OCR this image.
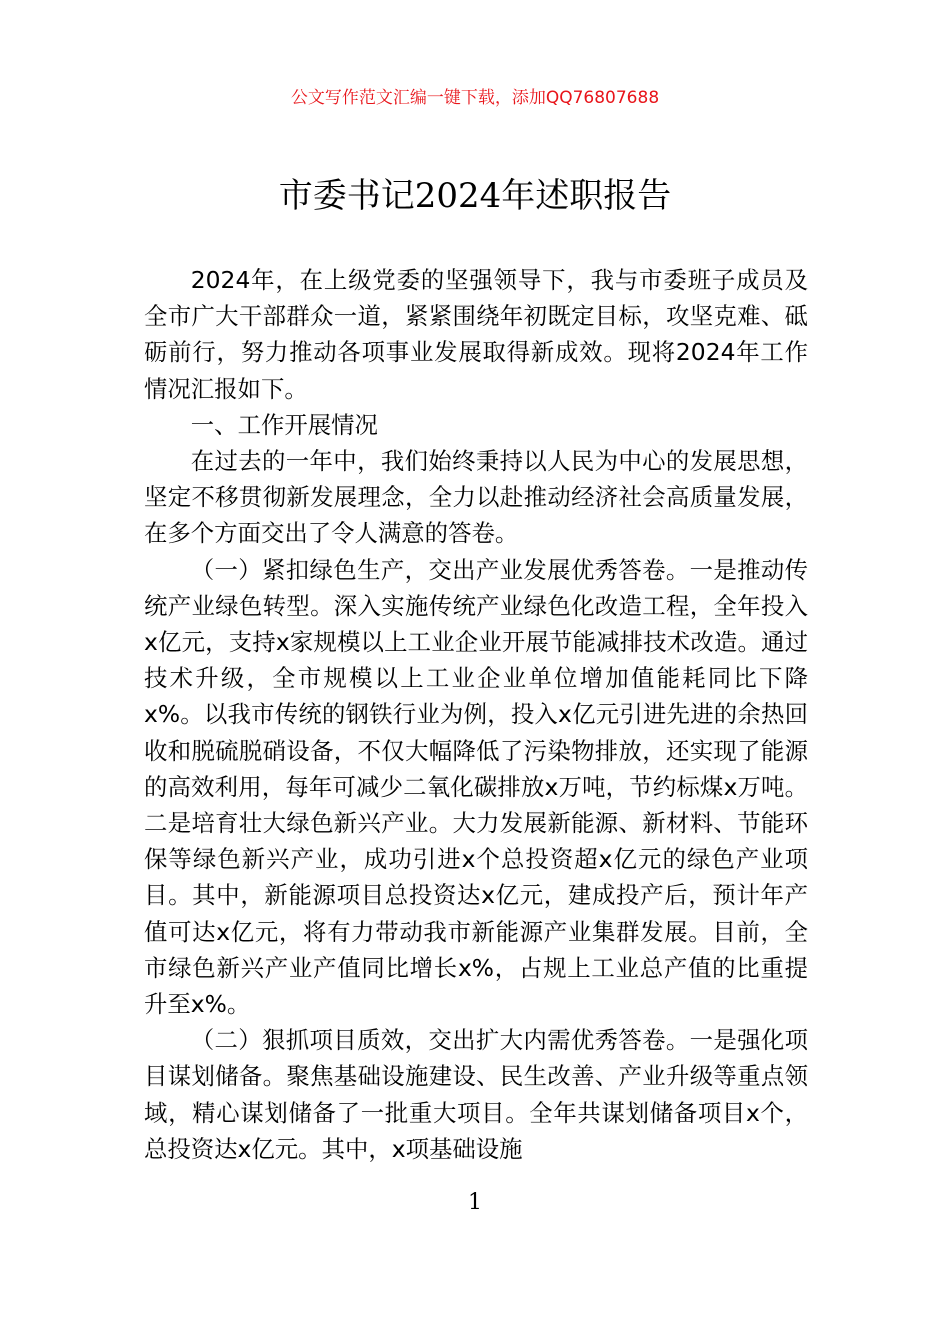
公文写作范文汇编一键下载，添加QQ76807688
市委书记2024年述职报告

2024年，在上级党委的坚强领导下，我与市委班子成员及全市广大干部群众一道，紧紧围绕年初既定目标，攻坚克难、砥砺前行，努力推动各项事业发展取得新成效。现将2024年工作情况汇报如下。

一、工作开展情况

在过去的一年中，我们始终秉持以人民为中心的发展思想，坚定不移贯彻新发展理念，全力以赴推动经济社会高质量发展，在多个方面交出了令人满意的答卷。

（一）紧扣绿色生产，交出产业发展优秀答卷。一是推动传统产业绿色转型。深入实施传统产业绿色化改造工程，全年投入x亿元，支持x家规模以上工业企业开展节能减排技术改造。通过技术升级，全市规模以上工业企业单位增加值能耗同比下降x%。以我市传统的钢铁行业为例，投入x亿元引进先进的余热回收和脱硫脱硝设备，不仅大幅降低了污染物排放，还实现了能源的高效利用，每年可减少二氧化碳排放x万吨，节约标煤x万吨。二是培育壮大绿色新兴产业。大力发展新能源、新材料、节能环保等绿色新兴产业，成功引进x个总投资超x亿元的绿色产业项目。其中，新能源项目总投资达x亿元，建成投产后，预计年产值可达x亿元，将有力带动我市新能源产业集群发展。目前，全市绿色新兴产业产值同比增长x%，占规上工业总产值的比重提升至x%。

（二）狠抓项目质效，交出扩大内需优秀答卷。一是强化项目谋划储备。聚焦基础设施建设、民生改善、产业升级等重点领域，精心谋划储备了一批重大项目。全年共谋划储备项目x个，总投资达x亿元。其中，x项基础设施

1
